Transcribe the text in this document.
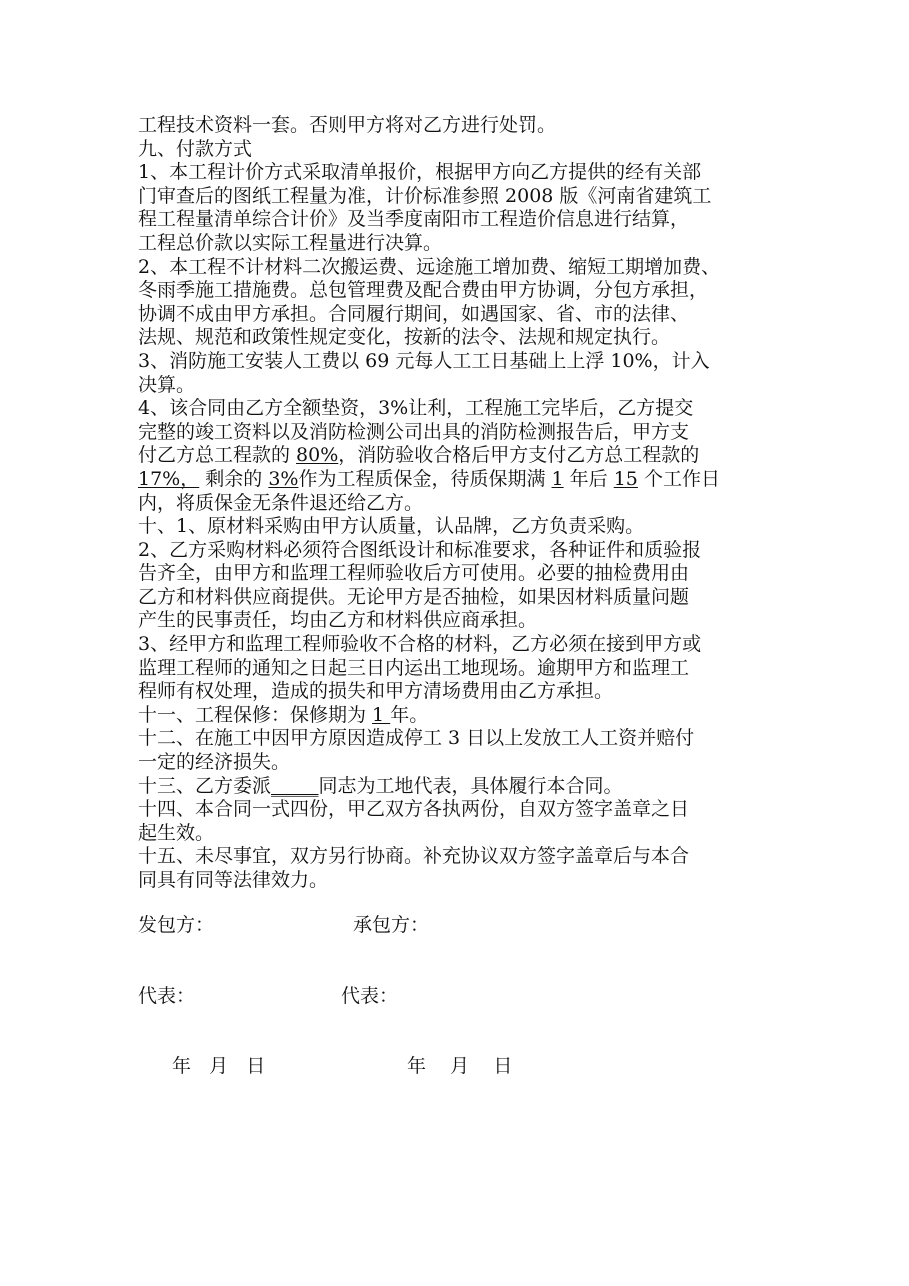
工程技术资料一套。否则甲方将对乙方进行处罚。
九、付款方式
1、本工程计价方式采取清单报价，根据甲方向乙方提供的经有关部
门审查后的图纸工程量为准，计价标准参照 2008 版《河南省建筑工
程工程量清单综合计价》及当季度南阳市工程造价信息进行结算，
工程总价款以实际工程量进行决算。
2、本工程不计材料二次搬运费、远途施工增加费、缩短工期增加费、
冬雨季施工措施费。总包管理费及配合费由甲方协调，分包方承担，
协调不成由甲方承担。合同履行期间，如遇国家、省、市的法律、
法规、规范和政策性规定变化，按新的法令、法规和规定执行。
3、消防施工安装人工费以 69 元每人工工日基础上上浮 10%，计入
决算。
4、该合同由乙方全额垫资，3%让利，工程施工完毕后，乙方提交
完整的竣工资料以及消防检测公司出具的消防检测报告后，甲方支
付乙方总工程款的 80%，消防验收合格后甲方支付乙方总工程款的
17%， 剩余的 3%作为工程质保金，待质保期满 1 年后 15 个工作日
内，将质保金无条件退还给乙方。
十、1、原材料采购由甲方认质量，认品牌，乙方负责采购。
2、乙方采购材料必须符合图纸设计和标准要求，各种证件和质验报
告齐全，由甲方和监理工程师验收后方可使用。必要的抽检费用由
乙方和材料供应商提供。无论甲方是否抽检，如果因材料质量问题
产生的民事责任，均由乙方和材料供应商承担。
3、经甲方和监理工程师验收不合格的材料，乙方必须在接到甲方或
监理工程师的通知之日起三日内运出工地现场。逾期甲方和监理工
程师有权处理，造成的损失和甲方清场费用由乙方承担。
十一、工程保修：保修期为 1 年。
十二、在施工中因甲方原因造成停工 3 日以上发放工人工资并赔付
一定的经济损失。
十三、乙方委派_____同志为工地代表，具体履行本合同。
十四、本合同一式四份，甲乙双方各执两份，自双方签字盖章之日
起生效。
十五、未尽事宜，双方另行协商。补充协议双方签字盖章后与本合
同具有同等法律效力。
发包方：	承包方：
代表：	代表：
年   月   日	年    月    日
